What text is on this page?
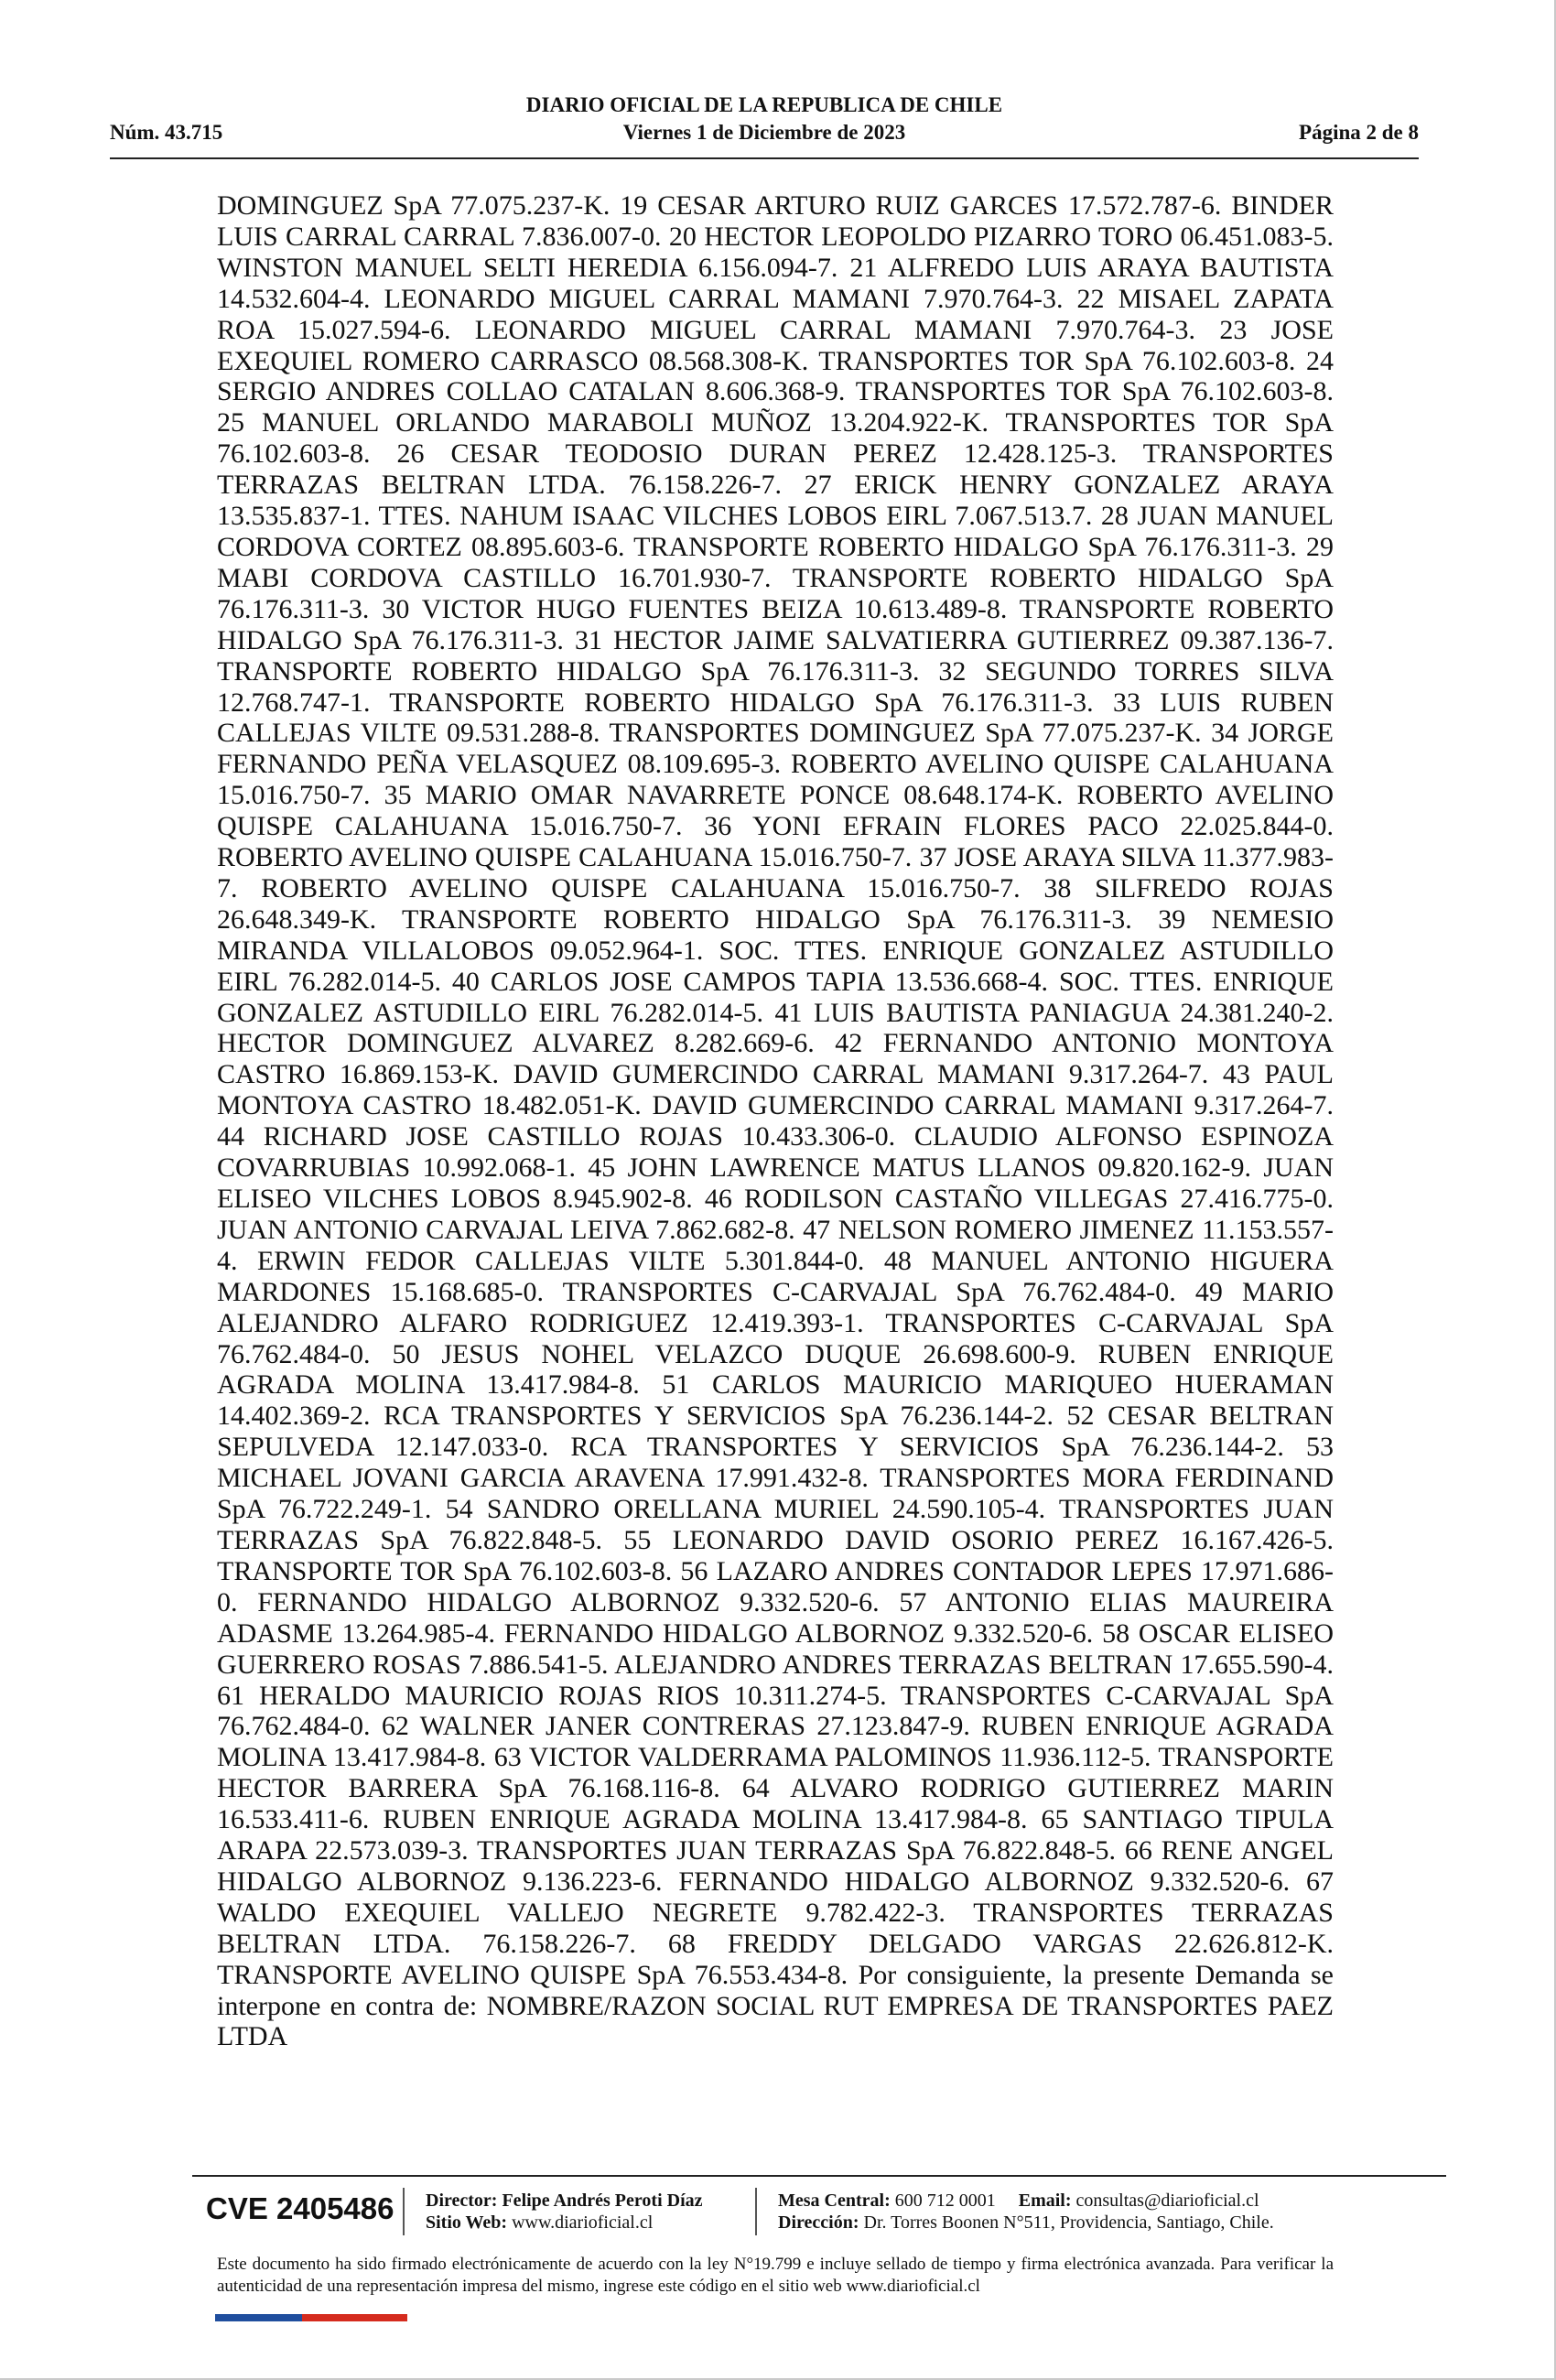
DIARIO OFICIAL DE LA REPUBLICA DE CHILE
Viernes 1 de Diciembre de 2023
Núm. 43.715	Página 2 de 8
DOMINGUEZ SpA 77.075.237-K. 19 CESAR ARTURO RUIZ GARCES 17.572.787-6. BINDER LUIS CARRAL CARRAL 7.836.007-0. 20 HECTOR LEOPOLDO PIZARRO TORO 06.451.083-5. WINSTON MANUEL SELTI HEREDIA 6.156.094-7. 21 ALFREDO LUIS ARAYA BAUTISTA 14.532.604-4. LEONARDO MIGUEL CARRAL MAMANI 7.970.764-3. 22 MISAEL ZAPATA ROA 15.027.594-6. LEONARDO MIGUEL CARRAL MAMANI 7.970.764-3. 23 JOSE EXEQUIEL ROMERO CARRASCO 08.568.308-K. TRANSPORTES TOR SpA 76.102.603-8. 24 SERGIO ANDRES COLLAO CATALAN 8.606.368-9. TRANSPORTES TOR SpA 76.102.603-8. 25 MANUEL ORLANDO MARABOLI MUÑOZ 13.204.922-K. TRANSPORTES TOR SpA 76.102.603-8. 26 CESAR TEODOSIO DURAN PEREZ 12.428.125-3. TRANSPORTES TERRAZAS BELTRAN LTDA. 76.158.226-7. 27 ERICK HENRY GONZALEZ ARAYA 13.535.837-1. TTES. NAHUM ISAAC VILCHES LOBOS EIRL 7.067.513.7. 28 JUAN MANUEL CORDOVA CORTEZ 08.895.603-6. TRANSPORTE ROBERTO HIDALGO SpA 76.176.311-3. 29 MABI CORDOVA CASTILLO 16.701.930-7. TRANSPORTE ROBERTO HIDALGO SpA 76.176.311-3. 30 VICTOR HUGO FUENTES BEIZA 10.613.489-8. TRANSPORTE ROBERTO HIDALGO SpA 76.176.311-3. 31 HECTOR JAIME SALVATIERRA GUTIERREZ 09.387.136-7. TRANSPORTE ROBERTO HIDALGO SpA 76.176.311-3. 32 SEGUNDO TORRES SILVA 12.768.747-1. TRANSPORTE ROBERTO HIDALGO SpA 76.176.311-3. 33 LUIS RUBEN CALLEJAS VILTE 09.531.288-8. TRANSPORTES DOMINGUEZ SpA 77.075.237-K. 34 JORGE FERNANDO PEÑA VELASQUEZ 08.109.695-3. ROBERTO AVELINO QUISPE CALAHUANA 15.016.750-7. 35 MARIO OMAR NAVARRETE PONCE 08.648.174-K. ROBERTO AVELINO QUISPE CALAHUANA 15.016.750-7. 36 YONI EFRAIN FLORES PACO 22.025.844-0. ROBERTO AVELINO QUISPE CALAHUANA 15.016.750-7. 37 JOSE ARAYA SILVA 11.377.983-7. ROBERTO AVELINO QUISPE CALAHUANA 15.016.750-7. 38 SILFREDO ROJAS 26.648.349-K. TRANSPORTE ROBERTO HIDALGO SpA 76.176.311-3. 39 NEMESIO MIRANDA VILLALOBOS 09.052.964-1. SOC. TTES. ENRIQUE GONZALEZ ASTUDILLO EIRL 76.282.014-5. 40 CARLOS JOSE CAMPOS TAPIA 13.536.668-4. SOC. TTES. ENRIQUE GONZALEZ ASTUDILLO EIRL 76.282.014-5. 41 LUIS BAUTISTA PANIAGUA 24.381.240-2. HECTOR DOMINGUEZ ALVAREZ 8.282.669-6. 42 FERNANDO ANTONIO MONTOYA CASTRO 16.869.153-K. DAVID GUMERCINDO CARRAL MAMANI 9.317.264-7. 43 PAUL MONTOYA CASTRO 18.482.051-K. DAVID GUMERCINDO CARRAL MAMANI 9.317.264-7. 44 RICHARD JOSE CASTILLO ROJAS 10.433.306-0. CLAUDIO ALFONSO ESPINOZA COVARRUBIAS 10.992.068-1. 45 JOHN LAWRENCE MATUS LLANOS 09.820.162-9. JUAN ELISEO VILCHES LOBOS 8.945.902-8. 46 RODILSON CASTAÑO VILLEGAS 27.416.775-0. JUAN ANTONIO CARVAJAL LEIVA 7.862.682-8. 47 NELSON ROMERO JIMENEZ 11.153.557-4. ERWIN FEDOR CALLEJAS VILTE 5.301.844-0. 48 MANUEL ANTONIO HIGUERA MARDONES 15.168.685-0. TRANSPORTES C-CARVAJAL SpA 76.762.484-0. 49 MARIO ALEJANDRO ALFARO RODRIGUEZ 12.419.393-1. TRANSPORTES C-CARVAJAL SpA 76.762.484-0. 50 JESUS NOHEL VELAZCO DUQUE 26.698.600-9. RUBEN ENRIQUE AGRADA MOLINA 13.417.984-8. 51 CARLOS MAURICIO MARIQUEO HUERAMAN 14.402.369-2. RCA TRANSPORTES Y SERVICIOS SpA 76.236.144-2. 52 CESAR BELTRAN SEPULVEDA 12.147.033-0. RCA TRANSPORTES Y SERVICIOS SpA 76.236.144-2. 53 MICHAEL JOVANI GARCIA ARAVENA 17.991.432-8. TRANSPORTES MORA FERDINAND SpA 76.722.249-1. 54 SANDRO ORELLANA MURIEL 24.590.105-4. TRANSPORTES JUAN TERRAZAS SpA 76.822.848-5. 55 LEONARDO DAVID OSORIO PEREZ 16.167.426-5. TRANSPORTE TOR SpA 76.102.603-8. 56 LAZARO ANDRES CONTADOR LEPES 17.971.686-0. FERNANDO HIDALGO ALBORNOZ 9.332.520-6. 57 ANTONIO ELIAS MAUREIRA ADASME 13.264.985-4. FERNANDO HIDALGO ALBORNOZ 9.332.520-6. 58 OSCAR ELISEO GUERRERO ROSAS 7.886.541-5. ALEJANDRO ANDRES TERRAZAS BELTRAN 17.655.590-4. 61 HERALDO MAURICIO ROJAS RIOS 10.311.274-5. TRANSPORTES C-CARVAJAL SpA 76.762.484-0. 62 WALNER JANER CONTRERAS 27.123.847-9. RUBEN ENRIQUE AGRADA MOLINA 13.417.984-8. 63 VICTOR VALDERRAMA PALOMINOS 11.936.112-5. TRANSPORTE HECTOR BARRERA SpA 76.168.116-8. 64 ALVARO RODRIGO GUTIERREZ MARIN 16.533.411-6. RUBEN ENRIQUE AGRADA MOLINA 13.417.984-8. 65 SANTIAGO TIPULA ARAPA 22.573.039-3. TRANSPORTES JUAN TERRAZAS SpA 76.822.848-5. 66 RENE ANGEL HIDALGO ALBORNOZ 9.136.223-6. FERNANDO HIDALGO ALBORNOZ 9.332.520-6. 67 WALDO EXEQUIEL VALLEJO NEGRETE 9.782.422-3. TRANSPORTES TERRAZAS BELTRAN LTDA. 76.158.226-7. 68 FREDDY DELGADO VARGAS 22.626.812-K. TRANSPORTE AVELINO QUISPE SpA 76.553.434-8. Por consiguiente, la presente Demanda se interpone en contra de: NOMBRE/RAZON SOCIAL RUT EMPRESA DE TRANSPORTES PAEZ LTDA
CVE 2405486 Director: Felipe Andrés Peroti Díaz
Sitio Web: www.diarioficial.cl
Mesa Central: 600 712 0001 Email: consultas@diarioficial.cl
Dirección: Dr. Torres Boonen N°511, Providencia, Santiago, Chile.
Este documento ha sido firmado electrónicamente de acuerdo con la ley N°19.799 e incluye sellado de tiempo y firma electrónica avanzada. Para verificar la autenticidad de una representación impresa del mismo, ingrese este código en el sitio web www.diarioficial.cl
